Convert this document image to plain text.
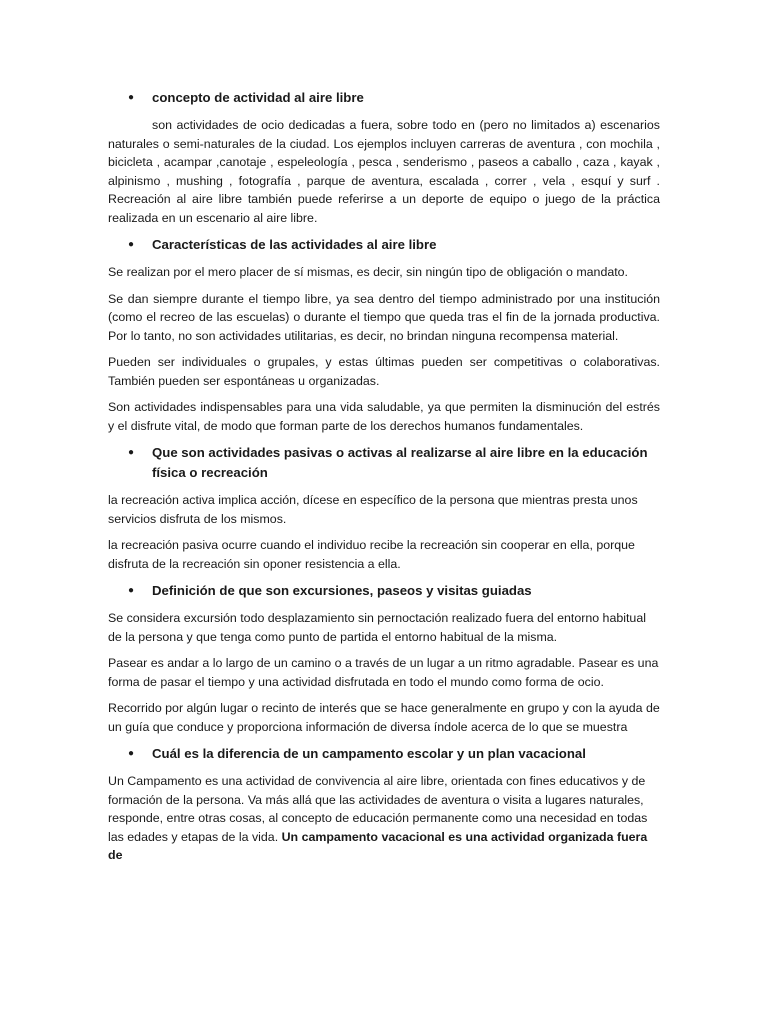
●	concepto de actividad al aire libre

son actividades de ocio dedicadas a fuera, sobre todo en (pero no limitados a) escenarios naturales o semi-naturales de la ciudad. Los ejemplos incluyen carreras de aventura , con mochila , bicicleta , acampar ,canotaje , espeleología , pesca , senderismo , paseos a caballo , caza , kayak , alpinismo , mushing , fotografía , parque de aventura, escalada , correr , vela , esquí y surf . Recreación al aire libre también puede referirse a un deporte de equipo o juego de la práctica realizada en un escenario al aire libre.

●	Características de las actividades al aire libre

Se realizan por el mero placer de sí mismas, es decir, sin ningún tipo de obligación o mandato.

Se dan siempre durante el tiempo libre, ya sea dentro del tiempo administrado por una institución (como el recreo de las escuelas) o durante el tiempo que queda tras el fin de la jornada productiva. Por lo tanto, no son actividades utilitarias, es decir, no brindan ninguna recompensa material.

Pueden ser individuales o grupales, y estas últimas pueden ser competitivas o colaborativas. También pueden ser espontáneas u organizadas.

Son actividades indispensables para una vida saludable, ya que permiten la disminución del estrés y el disfrute vital, de modo que forman parte de los derechos humanos fundamentales.

●	Que son actividades pasivas o activas al realizarse al aire libre en la educación física o recreación

la recreación activa implica acción, dícese en específico de la persona que mientras presta unos servicios disfruta de los mismos.

la recreación pasiva ocurre cuando el individuo recibe la recreación sin cooperar en ella, porque disfruta de la recreación sin oponer resistencia a ella.

●	Definición de que son excursiones, paseos y visitas guiadas

Se considera excursión todo desplazamiento sin pernoctación realizado fuera del entorno habitual de la persona y que tenga como punto de partida el entorno habitual de la misma.

Pasear es andar a lo largo de un camino o a través de un lugar a un ritmo agradable. Pasear es una forma de pasar el tiempo y una actividad disfrutada en todo el mundo como forma de ocio.

Recorrido por algún lugar o recinto de interés que se hace generalmente en grupo y con la ayuda de un guía que conduce y proporciona información de diversa índole acerca de lo que se muestra

●	Cuál es la diferencia de un campamento escolar y un plan vacacional

Un Campamento es una actividad de convivencia al aire libre, orientada con fines educativos y de formación de la persona. Va más allá que las actividades de aventura o visita a lugares naturales, responde, entre otras cosas, al concepto de educación permanente como una necesidad en todas las edades y etapas de la vida. Un campamento vacacional es una actividad organizada fuera de
